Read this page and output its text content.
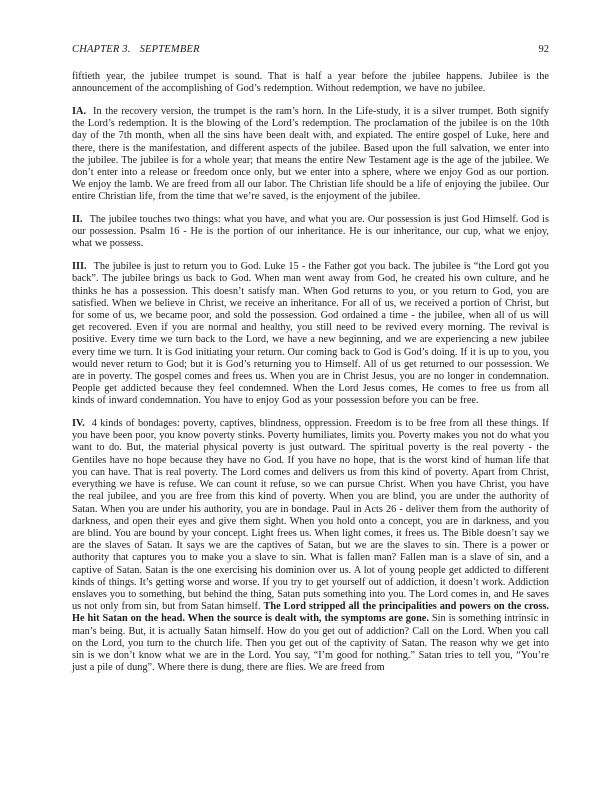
CHAPTER 3. SEPTEMBER	92

fiftieth year, the jubilee trumpet is sound. That is half a year before the jubilee happens. Jubilee is the announcement of the accomplishing of God’s redemption. Without redemption, we have no jubilee.

IA. In the recovery version, the trumpet is the ram’s horn. In the Life-study, it is a silver trumpet. Both signify the Lord’s redemption. It is the blowing of the Lord’s redemption. The proclamation of the jubilee is on the 10th day of the 7th month, when all the sins have been dealt with, and expiated. The entire gospel of Luke, here and there, there is the manifestation, and different aspects of the jubilee. Based upon the full salvation, we enter into the jubilee. The jubilee is for a whole year; that means the entire New Testament age is the age of the jubilee. We don’t enter into a release or freedom once only, but we enter into a sphere, where we enjoy God as our portion. We enjoy the lamb. We are freed from all our labor. The Christian life should be a life of enjoying the jubilee. Our entire Christian life, from the time that we’re saved, is the enjoyment of the jubilee.

II. The jubilee touches two things: what you have, and what you are. Our possession is just God Himself. God is our possession. Psalm 16 - He is the portion of our inheritance. He is our inheritance, our cup, what we enjoy, what we possess.

III. The jubilee is just to return you to God. Luke 15 - the Father got you back. The jubilee is “the Lord got you back”. The jubilee brings us back to God. When man went away from God, he created his own culture, and he thinks he has a possession. This doesn’t satisfy man. When God returns to you, or you return to God, you are satisfied. When we believe in Christ, we receive an inheritance. For all of us, we received a portion of Christ, but for some of us, we became poor, and sold the possession. God ordained a time - the jubilee, when all of us will get recovered. Even if you are normal and healthy, you still need to be revived every morning. The revival is positive. Every time we turn back to the Lord, we have a new beginning, and we are experiencing a new jubilee every time we turn. It is God initiating your return. Our coming back to God is God’s doing. If it is up to you, you would never return to God; but it is God’s returning you to Himself. All of us get returned to our possession. We are in poverty. The gospel comes and frees us. When you are in Christ Jesus, you are no longer in condemnation. People get addicted because they feel condemned. When the Lord Jesus comes, He comes to free us from all kinds of inward condemnation. You have to enjoy God as your possession before you can be free.

IV. 4 kinds of bondages: poverty, captives, blindness, oppression. Freedom is to be free from all these things. If you have been poor, you know poverty stinks. Poverty humiliates, limits you. Poverty makes you not do what you want to do. But, the material physical poverty is just outward. The spiritual poverty is the real poverty - the Gentiles have no hope because they have no God. If you have no hope, that is the worst kind of human life that you can have. That is real poverty. The Lord comes and delivers us from this kind of poverty. Apart from Christ, everything we have is refuse. We can count it refuse, so we can pursue Christ. When you have Christ, you have the real jubilee, and you are free from this kind of poverty. When you are blind, you are under the authority of Satan. When you are under his authority, you are in bondage. Paul in Acts 26 - deliver them from the authority of darkness, and open their eyes and give them sight. When you hold onto a concept, you are in darkness, and you are blind. You are bound by your concept. Light frees us. When light comes, it frees us. The Bible doesn’t say we are the slaves of Satan. It says we are the captives of Satan, but we are the slaves to sin. There is a power or authority that captures you to make you a slave to sin. What is fallen man? Fallen man is a slave of sin, and a captive of Satan. Satan is the one exercising his dominion over us. A lot of young people get addicted to different kinds of things. It’s getting worse and worse. If you try to get yourself out of addiction, it doesn’t work. Addiction enslaves you to something, but behind the thing, Satan puts something into you. The Lord comes in, and He saves us not only from sin, but from Satan himself. The Lord stripped all the principalities and powers on the cross. He hit Satan on the head. When the source is dealt with, the symptoms are gone. Sin is something intrinsic in man’s being. But, it is actually Satan himself. How do you get out of addiction? Call on the Lord. When you call on the Lord, you turn to the church life. Then you get out of the captivity of Satan. The reason why we get into sin is we don’t know what we are in the Lord. You say, “I’m good for nothing.” Satan tries to tell you, “You’re just a pile of dung”. Where there is dung, there are flies. We are freed from
